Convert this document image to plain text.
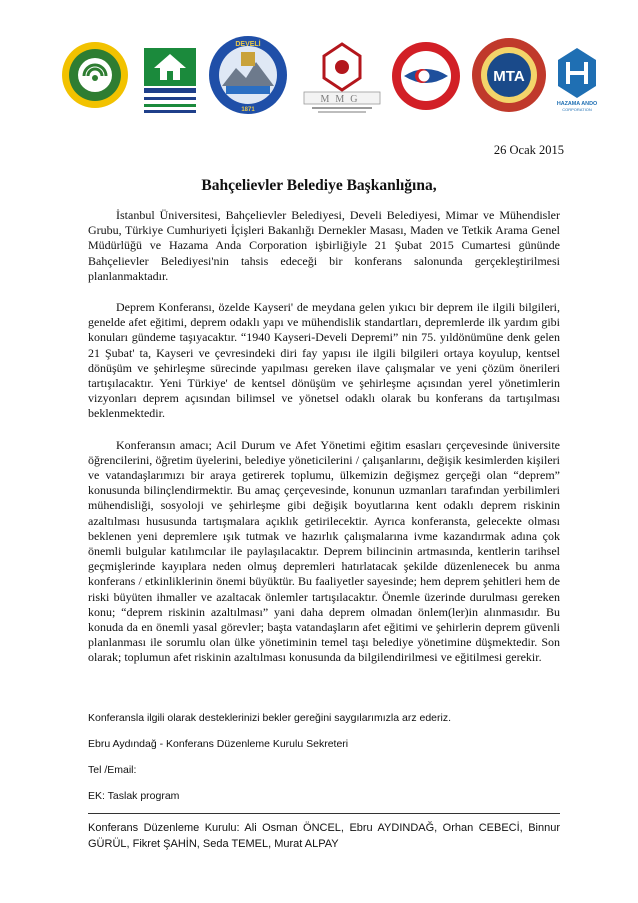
DEVELİ
1871
MMG
MTA
HAZAMA ANDO
CORPORATION
26 Ocak 2015
Bahçelievler Belediye Başkanlığına,

İstanbul Üniversitesi, Bahçelievler Belediyesi, Develi Belediyesi, Mimar ve Mühendisler Grubu, Türkiye Cumhuriyeti İçişleri Bakanlığı Dernekler Masası, Maden ve Tetkik Arama Genel Müdürlüğü ve Hazama Anda Corporation işbirliğiyle 21 Şubat 2015 Cumartesi gününde Bahçelievler Belediyesi'nin tahsis edeceği bir konferans salonunda gerçekleştirilmesi planlanmaktadır.

Deprem Konferansı, özelde Kayseri' de meydana gelen yıkıcı bir deprem ile ilgili bilgileri, genelde afet eğitimi, deprem odaklı yapı ve mühendislik standartları, depremlerde ilk yardım gibi konuları gündeme taşıyacaktır. “1940 Kayseri-Develi Depremi” nin 75. yıldönümüne denk gelen 21 Şubat' ta, Kayseri ve çevresindeki diri fay yapısı ile ilgili bilgileri ortaya koyulup, kentsel dönüşüm ve şehirleşme sürecinde yapılması gereken ilave çalışmalar ve yeni çözüm önerileri tartışılacaktır. Yeni Türkiye' de kentsel dönüşüm ve şehirleşme açısından yerel yönetimlerin vizyonları deprem açısından bilimsel ve yönetsel odaklı olarak bu konferans da tartışılması beklenmektedir.

Konferansın amacı; Acil Durum ve Afet Yönetimi eğitim esasları çerçevesinde üniversite öğrencilerini, öğretim üyelerini, belediye yöneticilerini / çalışanlarını, değişik kesimlerden kişileri ve vatandaşlarımızı bir araya getirerek toplumu, ülkemizin değişmez gerçeği olan “deprem” konusunda bilinçlendirmektir. Bu amaç çerçevesinde, konunun uzmanları tarafından yerbilimleri mühendisliği, sosyoloji ve şehirleşme gibi değişik boyutlarına kent odaklı deprem riskinin azaltılması hususunda tartışmalara açıklık getirilecektir. Ayrıca konferansta, gelecekte olması beklenen yeni depremlere ışık tutmak ve hazırlık çalışmalarına ivme kazandırmak adına çok önemli bulgular katılımcılar ile paylaşılacaktır. Deprem bilincinin artmasında, kentlerin tarihsel geçmişlerinde kayıplara neden olmuş depremleri hatırlatacak şekilde düzenlenecek bu anma konferans / etkinliklerinin önemi büyüktür. Bu faaliyetler sayesinde; hem deprem şehitleri hem de riski büyüten ihmaller ve azaltacak önlemler tartışılacaktır. Önemle üzerinde durulması gereken konu; “deprem riskinin azaltılması” yani daha deprem olmadan önlem(ler)in alınmasıdır. Bu konuda da en önemli yasal görevler; başta vatandaşların afet eğitimi ve şehirlerin deprem güvenli planlanması ile sorumlu olan ülke yönetiminin temel taşı belediye yönetimine düşmektedir. Son olarak; toplumun afet riskinin azaltılması konusunda da bilgilendirilmesi ve eğitilmesi gerekir.

Konferansla ilgili olarak desteklerinizi bekler gereğini saygılarımızla arz ederiz.
Ebru Aydındağ - Konferans Düzenleme Kurulu Sekreteri
Tel /Email:
EK: Taslak program
Konferans Düzenleme Kurulu: Ali Osman ÖNCEL, Ebru AYDINDAĞ, Orhan CEBECİ, Binnur GÜRÜL, Fikret ŞAHİN, Seda TEMEL, Murat ALPAY
